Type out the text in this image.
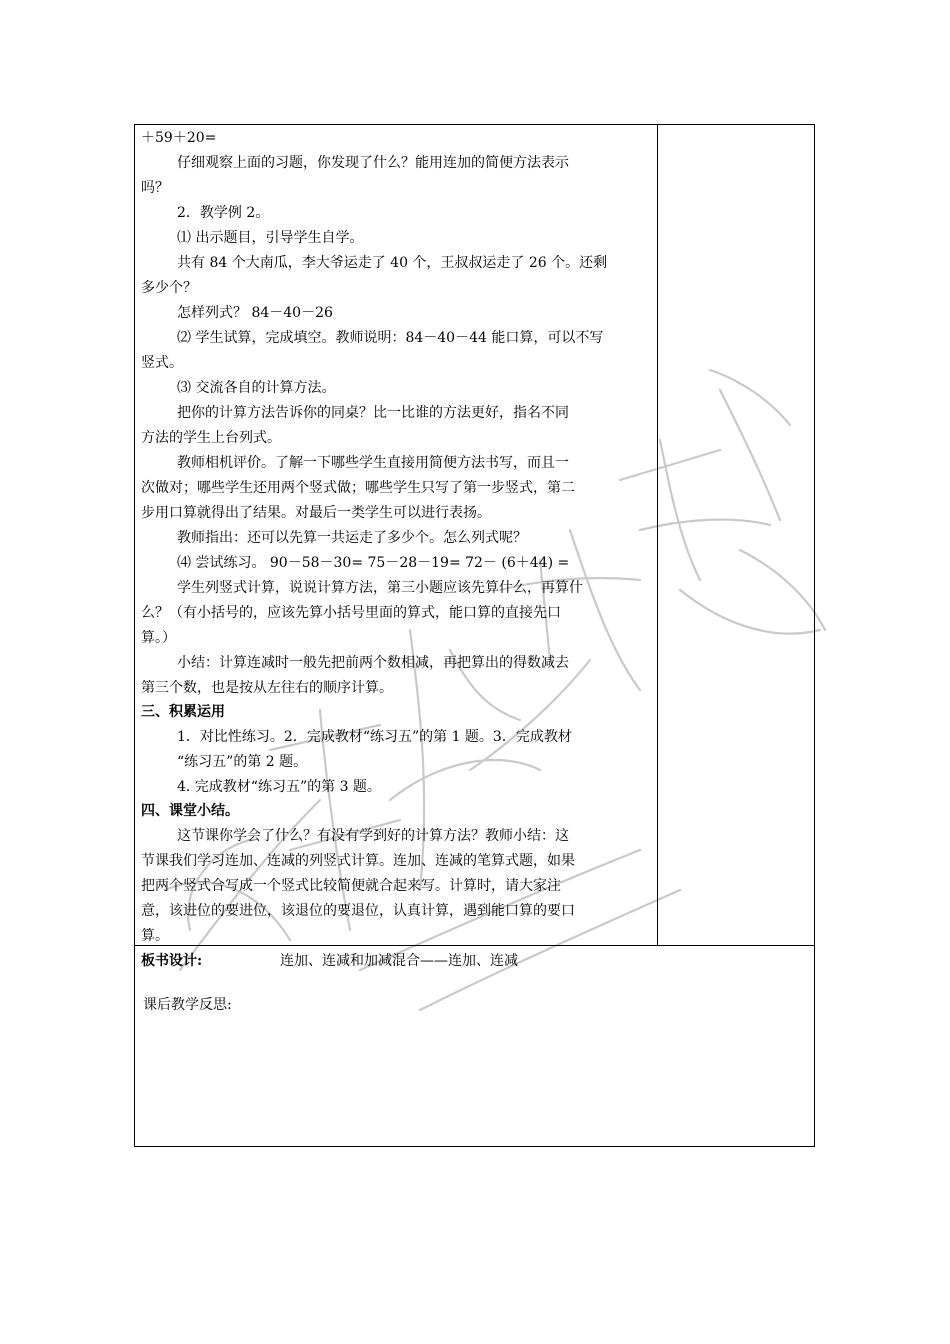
＋59＋20=
仔细观察上面的习题，你发现了什么？能用连加的简便方法表示
吗？
2．教学例 2。
⑴ 出示题目，引导学生自学。
共有 84 个大南瓜，李大爷运走了 40 个，王叔叔运走了 26 个。还剩
多少个？
怎样列式？ 84－40－26
⑵ 学生试算，完成填空。教师说明：84－40－44 能口算，可以不写
竖式。
⑶ 交流各自的计算方法。
把你的计算方法告诉你的同桌？比一比谁的方法更好，指名不同
方法的学生上台列式。
教师相机评价。了解一下哪些学生直接用简便方法书写，而且一
次做对；哪些学生还用两个竖式做；哪些学生只写了第一步竖式，第二
步用口算就得出了结果。对最后一类学生可以进行表扬。
教师指出：还可以先算一共运走了多少个。怎么列式呢？
⑷ 尝试练习。 90－58－30= 75－28－19= 72－ (6＋44) =
学生列竖式计算，说说计算方法，第三小题应该先算什么，再算什
么？（有小括号的，应该先算小括号里面的算式，能口算的直接先口
算。）
小结：计算连减时一般先把前两个数相减，再把算出的得数减去
第三个数，也是按从左往右的顺序计算。
三、积累运用
1．对比性练习。2．完成教材“练习五”的第 1 题。3．完成教材
“练习五”的第 2 题。
4. 完成教材“练习五”的第 3 题。
四、课堂小结。
这节课你学会了什么？有没有学到好的计算方法？教师小结：这
节课我们学习连加、连减的列竖式计算。连加、连减的笔算式题，如果
把两个竖式合写成一个竖式比较简便就合起来写。计算时，请大家注
意，该进位的要进位，该退位的要退位，认真计算，遇到能口算的要口
算。
板书设计:	连加、连减和加减混合——连加、连减
课后教学反思:
